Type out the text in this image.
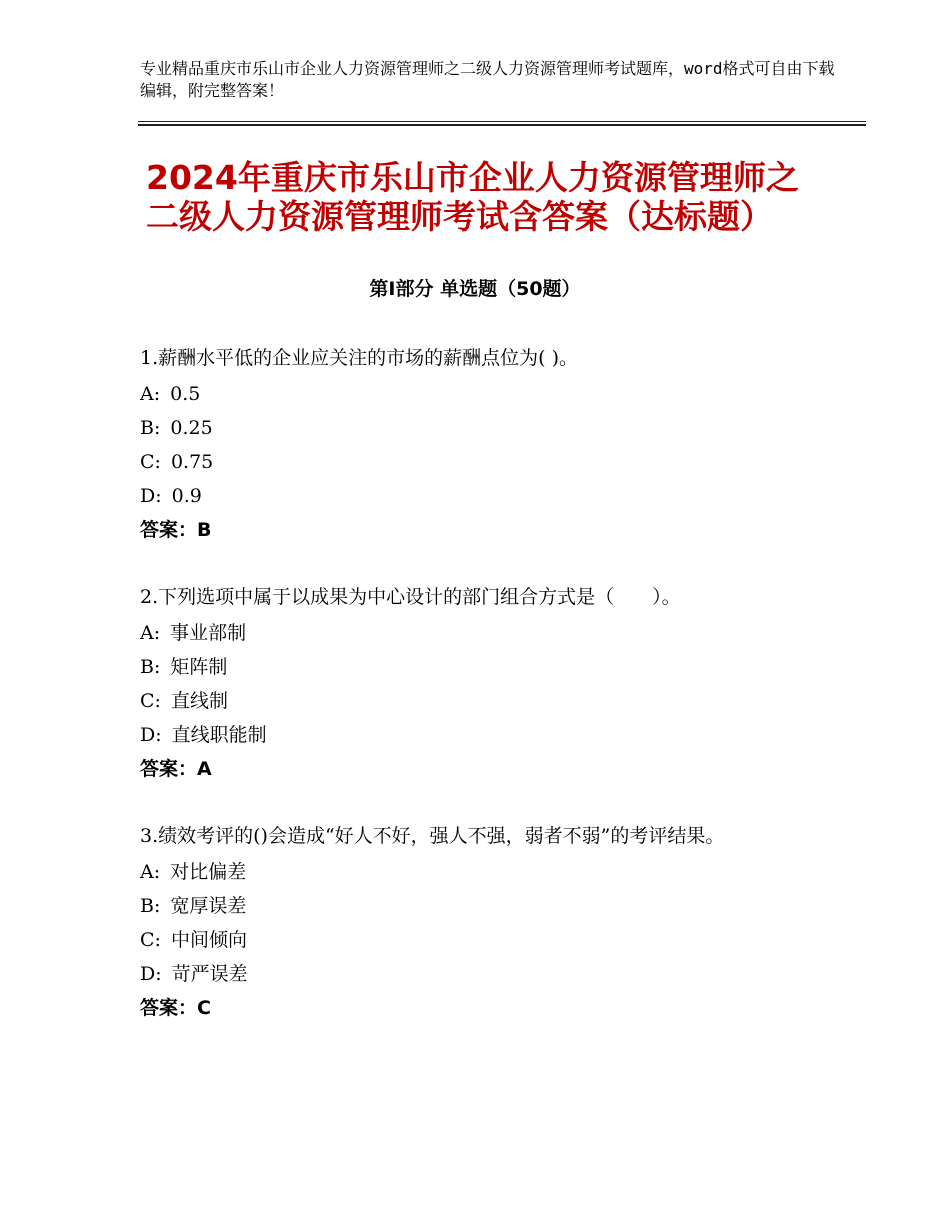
专业精品重庆市乐山市企业人力资源管理师之二级人力资源管理师考试题库，word格式可自由下载编辑，附完整答案！
2024年重庆市乐山市企业人力资源管理师之
二级人力资源管理师考试含答案（达标题）
第Ⅰ部分 单选题（50题）
1.薪酬水平低的企业应关注的市场的薪酬点位为( )。
A: 0.5
B: 0.25
C: 0.75
D: 0.9
答案：B
2.下列选项中属于以成果为中心设计的部门组合方式是（　　）。
A: 事业部制
B: 矩阵制
C: 直线制
D: 直线职能制
答案：A
3.绩效考评的()会造成“好人不好，强人不强，弱者不弱”的考评结果。
A: 对比偏差
B: 宽厚误差
C: 中间倾向
D: 苛严误差
答案：C
